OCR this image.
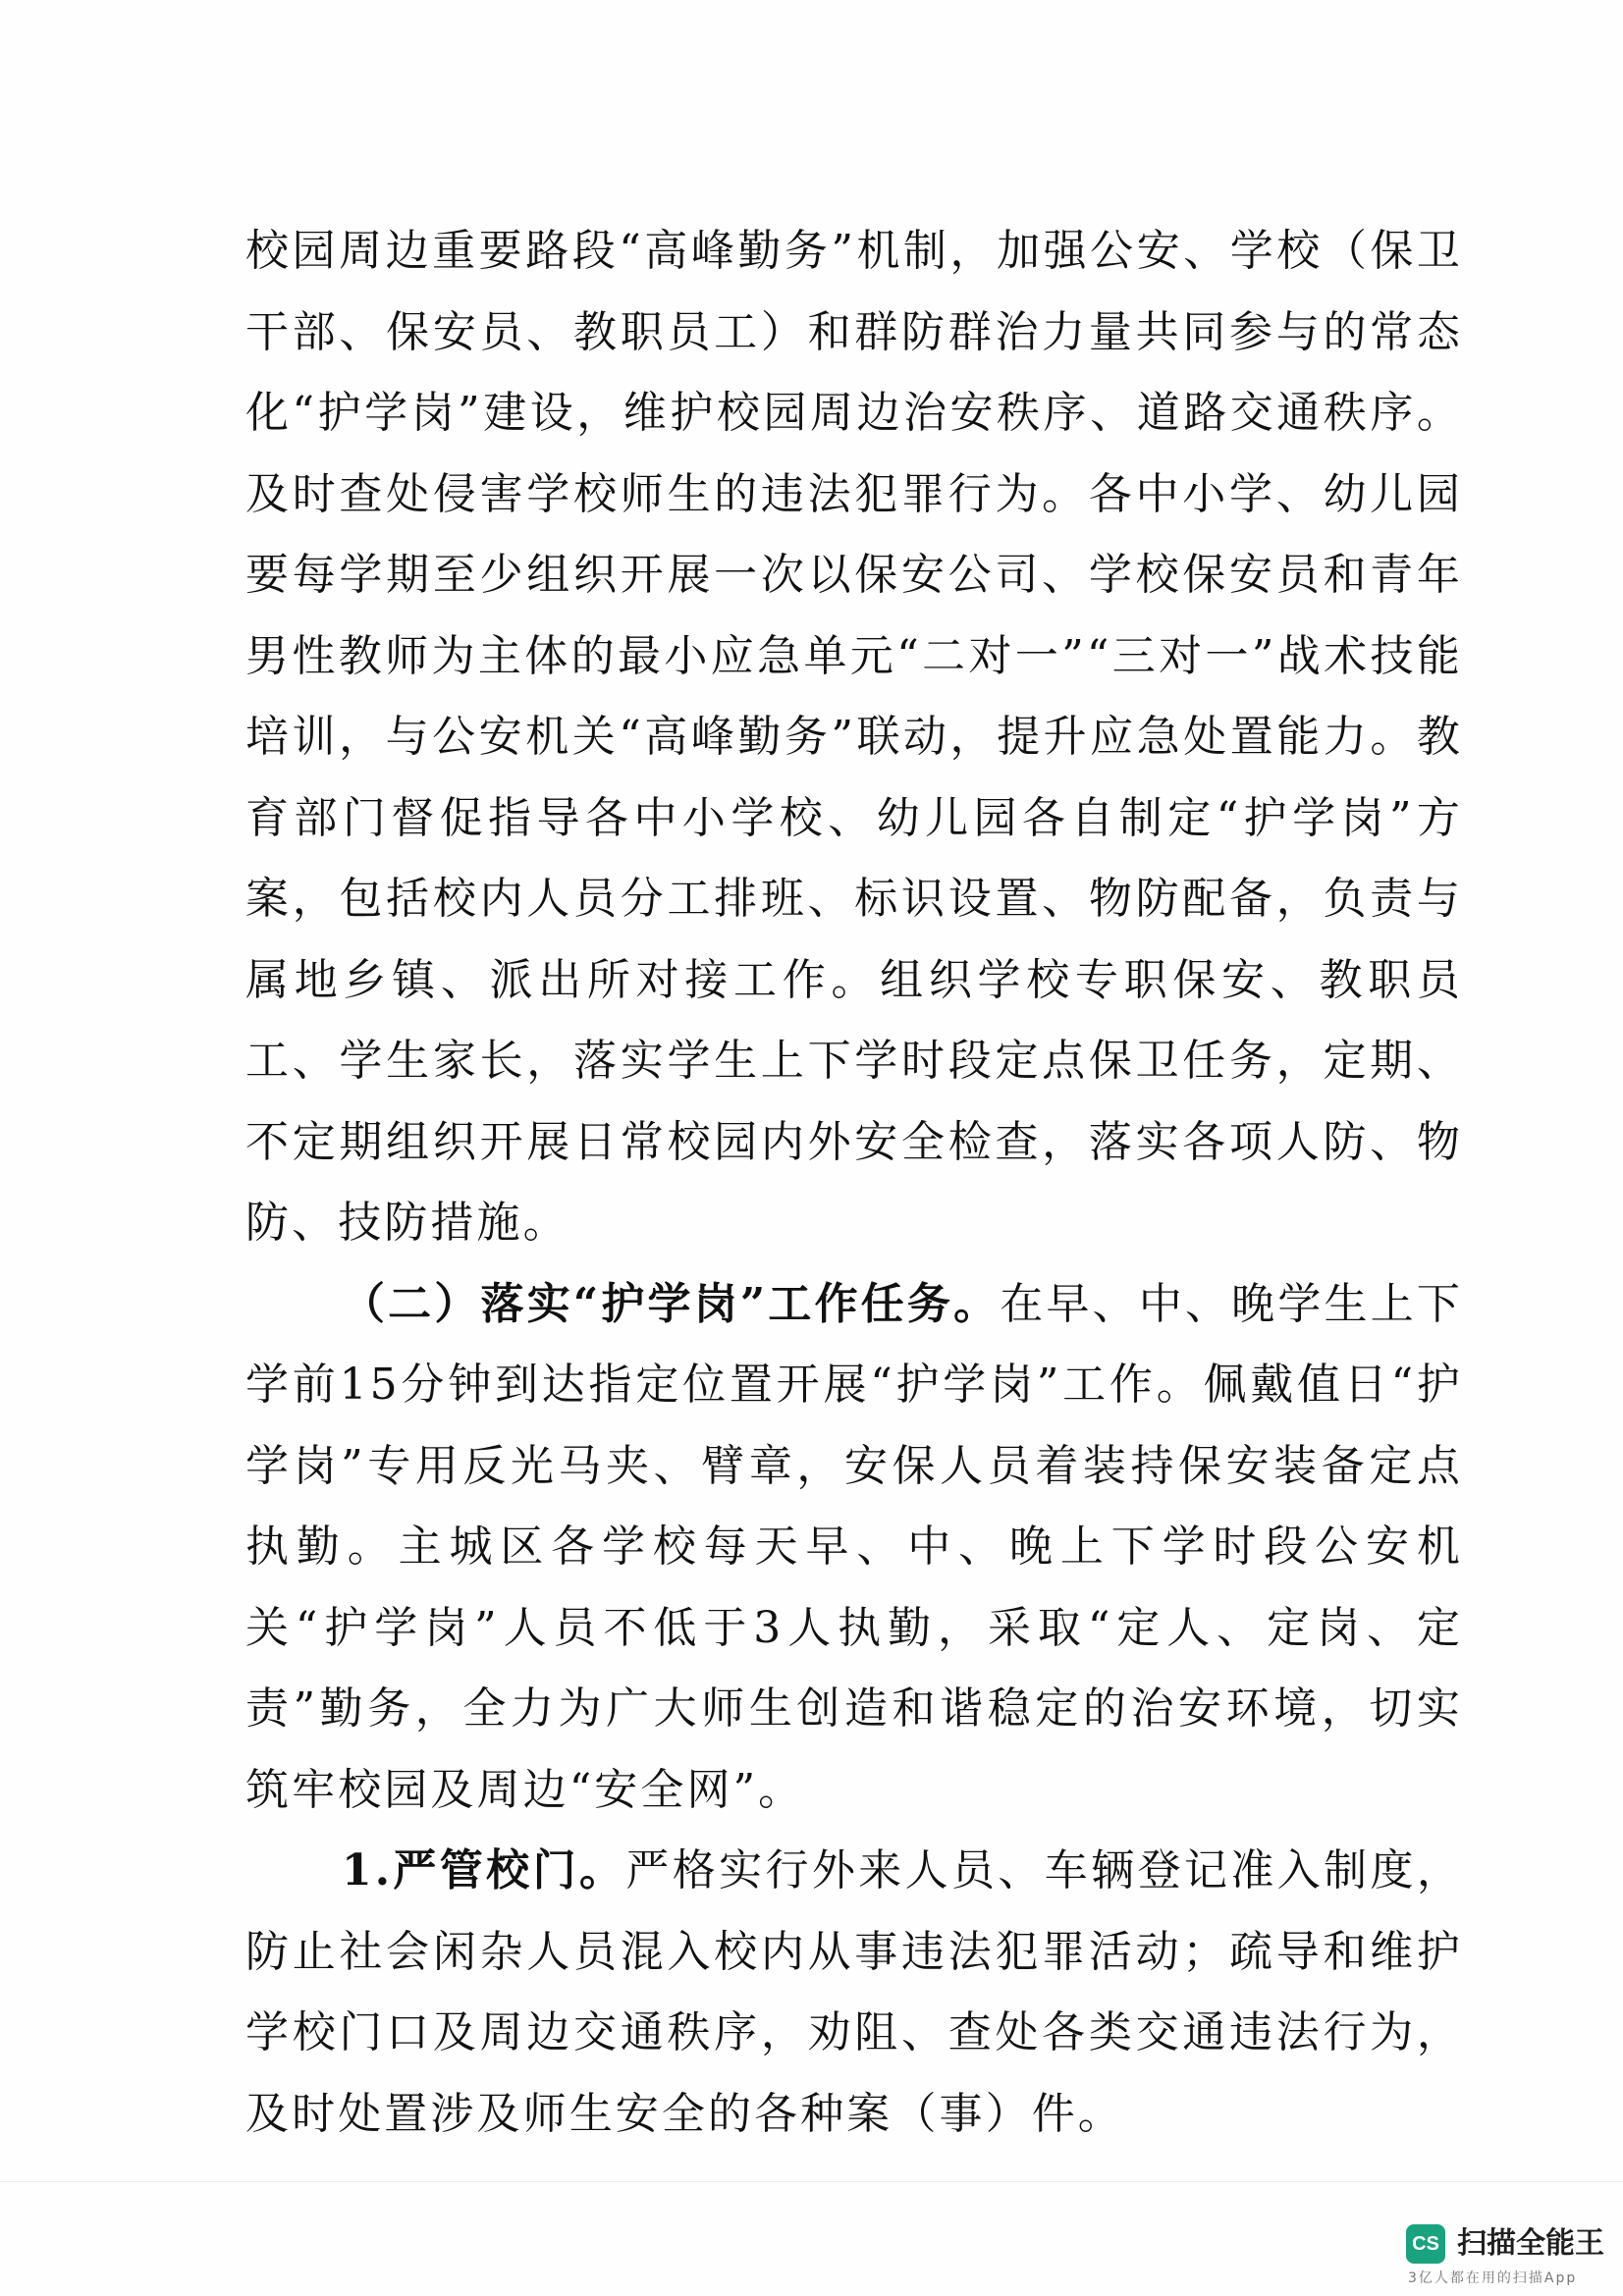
校园周边重要路段“高峰勤务”机制，加强公安、学校（保卫干部、保安员、教职员工）和群防群治力量共同参与的常态化“护学岗”建设，维护校园周边治安秩序、道路交通秩序。及时查处侵害学校师生的违法犯罪行为。各中小学、幼儿园要每学期至少组织开展一次以保安公司、学校保安员和青年男性教师为主体的最小应急单元“二对一”“三对一”战术技能培训，与公安机关“高峰勤务”联动，提升应急处置能力。教育部门督促指导各中小学校、幼儿园各自制定“护学岗”方案，包括校内人员分工排班、标识设置、物防配备，负责与属地乡镇、派出所对接工作。组织学校专职保安、教职员工、学生家长，落实学生上下学时段定点保卫任务，定期、不定期组织开展日常校园内外安全检查，落实各项人防、物防、技防措施。

（二）落实“护学岗”工作任务。在早、中、晚学生上下学前15分钟到达指定位置开展“护学岗”工作。佩戴值日“护学岗”专用反光马夹、臂章，安保人员着装持保安装备定点执勤。主城区各学校每天早、中、晚上下学时段公安机关“护学岗”人员不低于3人执勤，采取“定人、定岗、定责”勤务，全力为广大师生创造和谐稳定的治安环境，切实筑牢校园及周边“安全网”。

1.严管校门。严格实行外来人员、车辆登记准入制度，防止社会闲杂人员混入校内从事违法犯罪活动；疏导和维护学校门口及周边交通秩序，劝阻、查处各类交通违法行为，及时处置涉及师生安全的各种案（事）件。

CS 扫描全能王
3亿人都在用的扫描App
